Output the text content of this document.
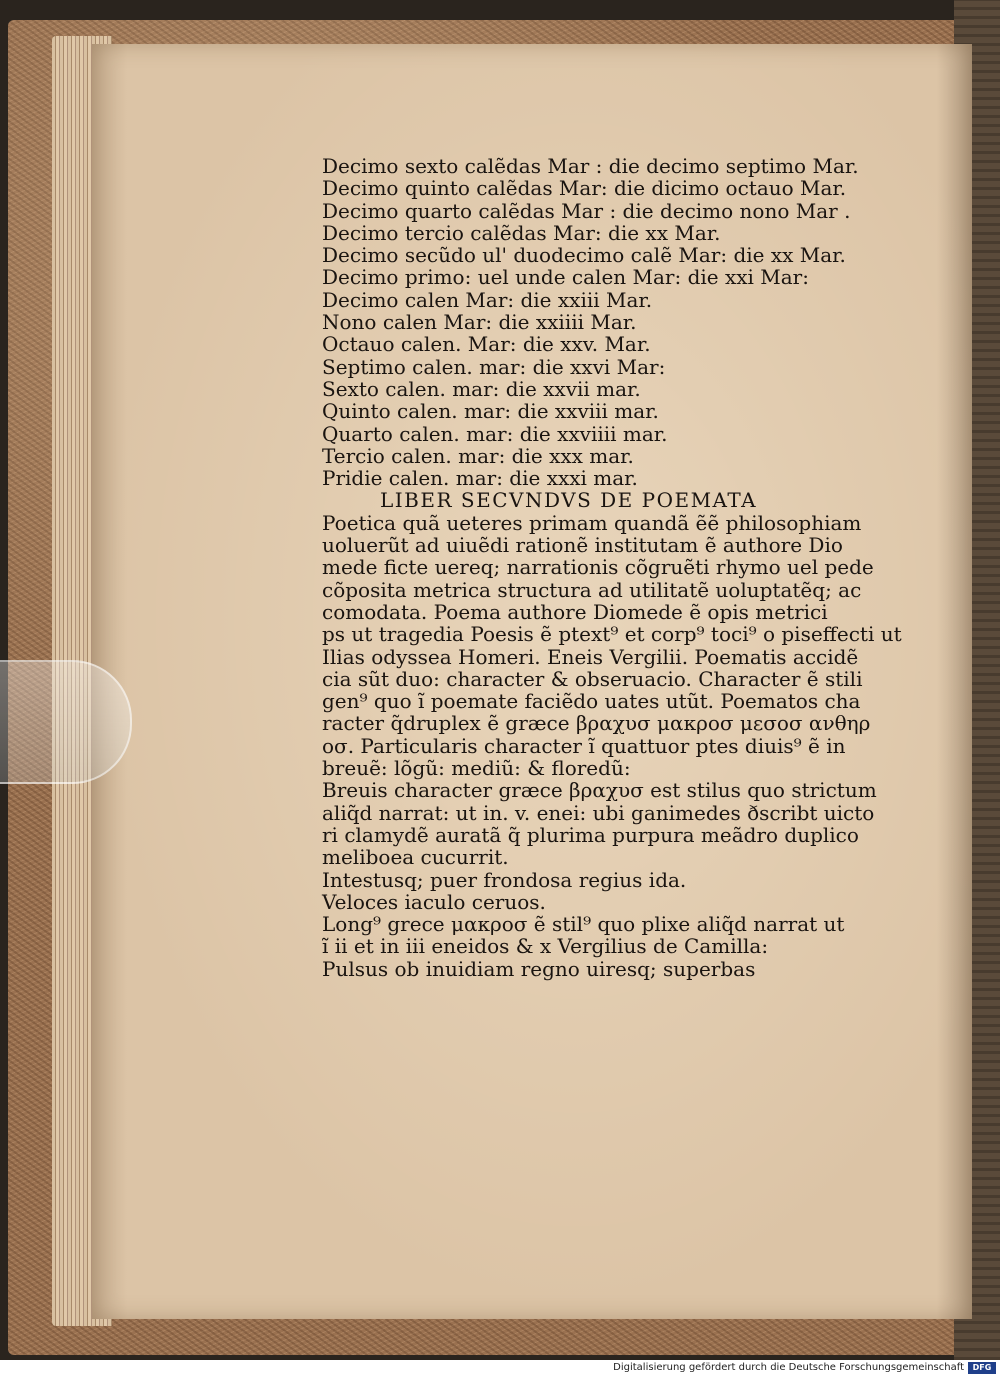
Decimo sexto calẽdas Mar : die decimo septimo Mar.
Decimo quinto calẽdas Mar: die dicimo octauo Mar.
Decimo quarto calẽdas Mar : die decimo nono Mar .
Decimo tercio calẽdas Mar: die xx Mar.
Decimo secũdo ul' duodecimo calẽ Mar: die xx Mar.
Decimo primo: uel unde calen Mar: die xxi Mar:
Decimo calen Mar: die xxiii Mar.
Nono calen Mar: die xxiiii Mar.
Octauo calen. Mar: die xxv. Mar.
Septimo calen. mar: die xxvi Mar:
Sexto calen. mar: die xxvii mar.
Quinto calen. mar: die xxviii mar.
Quarto calen. mar: die xxviiii mar.
Tercio calen. mar: die xxx mar.
Pridie calen. mar: die xxxi mar.
LIBER SECVNDVS DE POEMATA
Poetica quã ueteres primam quandã ẽẽ philosophiam
uoluerũt ad uiuẽdi rationẽ institutam ẽ authore Dio
mede ficte uereq; narrationis cõgruẽti rhymo uel pede
cõposita metrica structura ad utilitatẽ uoluptatẽq; ac
comodata. Poema authore Diomede ẽ opis metrici
ps ut tragedia Poesis ẽ ptext⁹ et corp⁹ toci⁹ o piseffecti ut
Ilias odyssea Homeri. Eneis Vergilii. Poematis accidẽ
cia sũt duo: character & obseruacio. Character ẽ stili
gen⁹ quo ĩ poemate faciẽdo uates utũt. Poematos cha
racter q̃druplex ẽ græce βραχυσ μακροσ μεσοσ ανθηρ
οσ. Particularis character ĩ quattuor ptes diuis⁹ ẽ in
breuẽ: lõgũ: mediũ: & floredũ:
Breuis character græce βραχυσ est stilus quo strictum
aliq̃d narrat: ut in. v. enei: ubi ganimedes ðscribt uicto
ri clamydẽ auratã q̃ plurima purpura meãdro duplico
meliboea cucurrit.
Intestusq; puer frondosa regius ida.
Veloces iaculo ceruos.
Long⁹ grece μακροσ ẽ stil⁹ quo plixe aliq̃d narrat ut
ĩ ii et in iii eneidos & x Vergilius de Camilla:
Pulsus ob inuidiam regno uiresq; superbas
Digitalisierung gefördert durch die Deutsche Forschungsgemeinschaft	DFG
